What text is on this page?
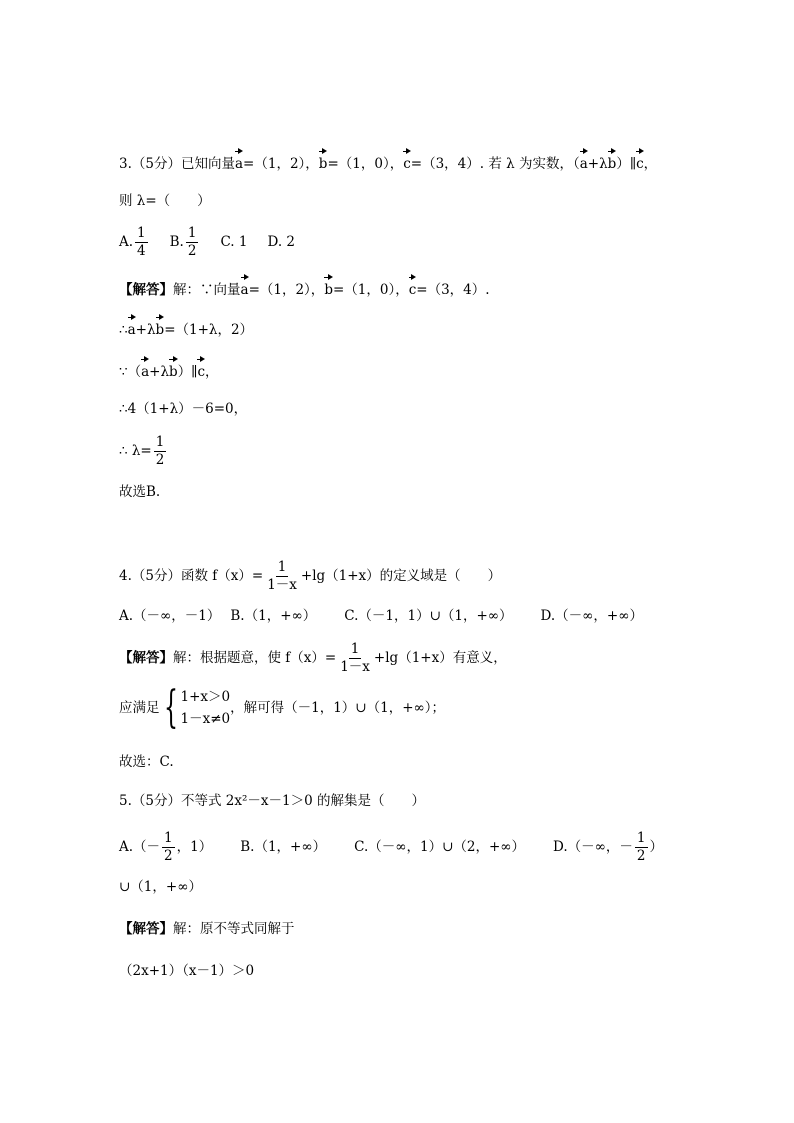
3.（5分）已知向量a=（1，2），b=（1，0），c=（3，4）. 若 λ 为实数，（a+λb）∥c，
则 λ=（　　）
A. $\frac{1}{4} B$. $\frac{1}{2} C$. 1 D. 2
【解答】解：∵向量a=（1，2），b=（1，0），c=（3，4）.
∴a+λb=（1+λ，2）
∵（a+λb）∥c，
∴4（1+λ）－6=0，
∴ $\lambda= \frac{1}{2}$
故选B.
4.（5分）函数 $f(x)= \frac{1}{1-x} +\lg(1+x)$的定义域是（　　）
A.（－∞，－1） B.（1，+∞） C.（－1，1）∪（1，+∞） D.（－∞，+∞）
【解答】解：根据题意，使 $f(x)= \frac{1}{1-x} +\lg(1+x)$有意义，
应满足{ 1+x＞0
1－x≠0
，解可得（－1，1）∪（1，+∞）；
故选：C.
5.（5分）不等式 2x²－x－1＞0 的解集是（　　）
$A.(- \frac{1}{2}$ ，1） B.（1，+∞） C.（－∞，1）∪（2，+∞） D.（－∞，－ $\frac{1}{2}$ ）
∪（1，+∞）
【解答】解：原不等式同解于
（2x+1）（x－1）＞0
